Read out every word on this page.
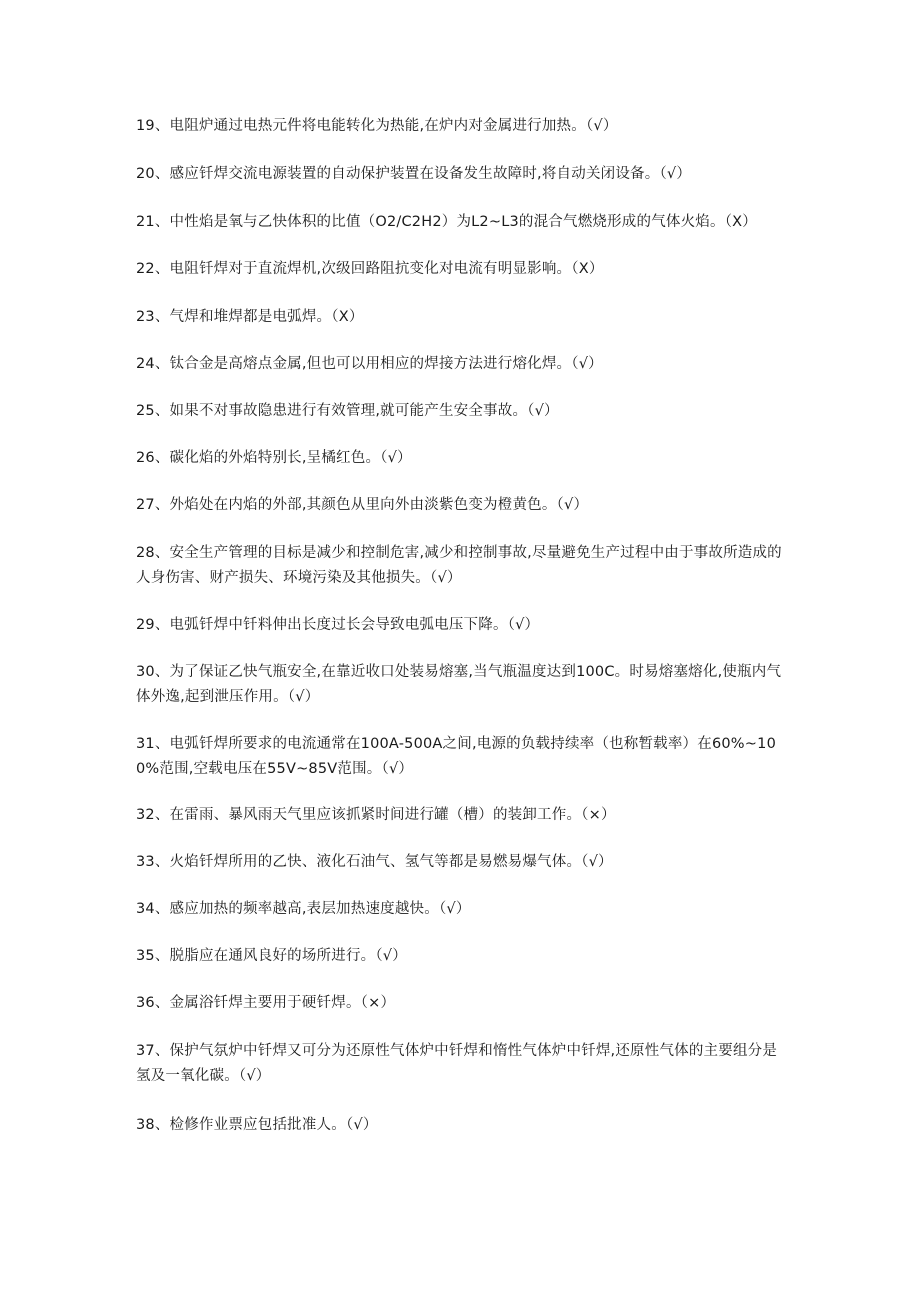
19、电阻炉通过电热元件将电能转化为热能,在炉内对金属进行加热。（√）

20、感应钎焊交流电源装置的自动保护装置在设备发生故障时,将自动关闭设备。（√）

21、中性焰是氧与乙快体积的比值（O2/C2H2）为L2~L3的混合气燃烧形成的气体火焰。（X）

22、电阻钎焊对于直流焊机,次级回路阻抗变化对电流有明显影响。（X）

23、气焊和堆焊都是电弧焊。（X）

24、钛合金是高熔点金属,但也可以用相应的焊接方法进行熔化焊。（√）

25、如果不对事故隐患进行有效管理,就可能产生安全事故。（√）

26、碳化焰的外焰特别长,呈橘红色。（√）

27、外焰处在内焰的外部,其颜色从里向外由淡紫色变为橙黄色。（√）

28、安全生产管理的目标是减少和控制危害,减少和控制事故,尽量避免生产过程中由于事故所造成的人身伤害、财产损失、环境污染及其他损失。（√）

29、电弧钎焊中钎料伸出长度过长会导致电弧电压下降。（√）

30、为了保证乙快气瓶安全,在靠近收口处装易熔塞,当气瓶温度达到100C。时易熔塞熔化,使瓶内气体外逸,起到泄压作用。（√）

31、电弧钎焊所要求的电流通常在100A-500A之间,电源的负载持续率（也称暂载率）在60%~100%范围,空载电压在55V~85V范围。（√）

32、在雷雨、暴风雨天气里应该抓紧时间进行罐（槽）的装卸工作。（×）

33、火焰钎焊所用的乙快、液化石油气、氢气等都是易燃易爆气体。（√）

34、感应加热的频率越高,表层加热速度越快。（√）

35、脱脂应在通风良好的场所进行。（√）

36、金属浴钎焊主要用于硬钎焊。（×）

37、保护气氛炉中钎焊又可分为还原性气体炉中钎焊和惰性气体炉中钎焊,还原性气体的主要组分是氢及一氧化碳。（√）

38、检修作业票应包括批准人。（√）
